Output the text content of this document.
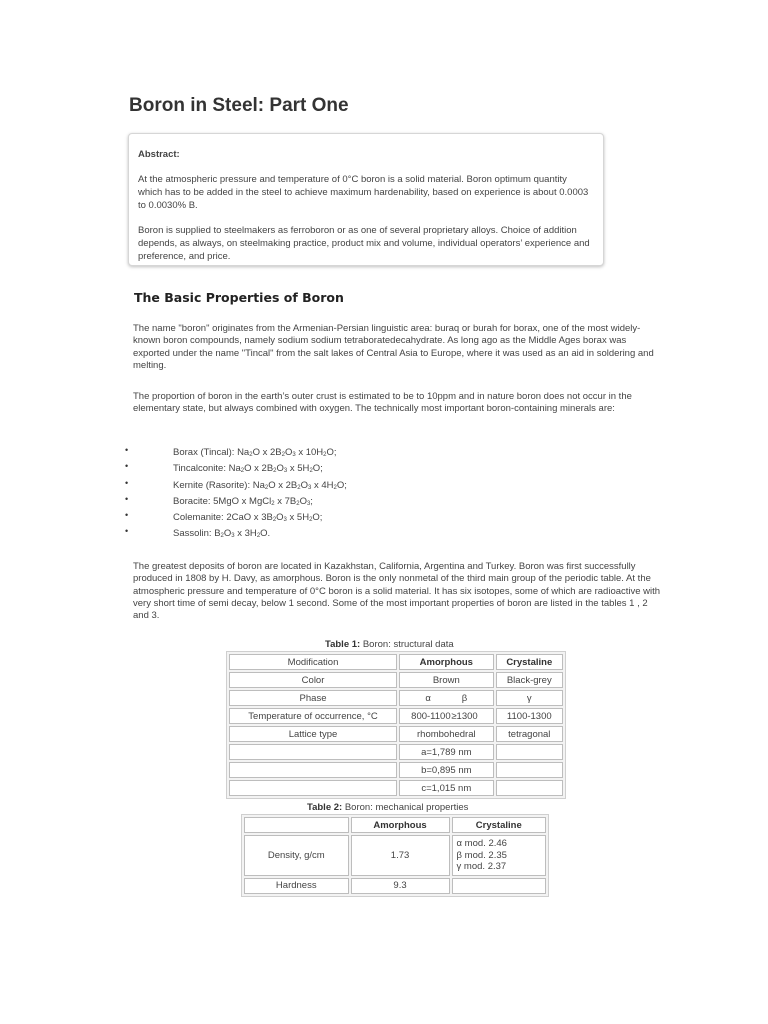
Boron in Steel: Part One

Abstract:

At the atmospheric pressure and temperature of 0°C boron is a solid material. Boron optimum quantity which has to be added in the steel to achieve maximum hardenability, based on experience is about 0.0003 to 0.0030% B.

Boron is supplied to steelmakers as ferroboron or as one of several proprietary alloys. Choice of addition depends, as always, on steelmaking practice, product mix and volume, individual operators’ experience and preference, and price.

The Basic Properties of Boron

The name "boron" originates from the Armenian-Persian linguistic area: buraq or burah for borax, one of the most widely-known boron compounds, namely sodium sodium tetraboratedecahydrate. As long ago as the Middle Ages borax was exported under the name "Tincal" from the salt lakes of Central Asia to Europe, where it was used as an aid in soldering and melting.

The proportion of boron in the earth’s outer crust is estimated to be to 10ppm and in nature boron does not occur in the elementary state, but always combined with oxygen. The technically most important boron-containing minerals are:

•	Borax (Tincal): $Na_2O$ x $2B_2O_3$ x $10H_2O$;
•	Tincalconite: $Na_2O$ x $2B_2O_3$ x $5H_2O$;
•	Kernite (Rasorite): $Na_2O$ x $2B_2O_3$ x $4H_2O$;
•	Boracite: 5MgO x MgCl$_2$ x $7B_2O_3$;
•	Colemanite: 2CaO x $3B_2O_3$ x $5H_2O$;
•	Sassolin: $B_2O_3$ x $3H_2O$.

The greatest deposits of boron are located in Kazakhstan, California, Argentina and Turkey. Boron was first successfully produced in 1808 by H. Davy, as amorphous. Boron is the only nonmetal of the third main group of the periodic table. At the atmospheric pressure and temperature of 0°C boron is a solid material. It has six isotopes, some of which are radioactive with very short time of semi decay, below 1 second. Some of the most important properties of boron are listed in the tables 1 , 2 and 3.

Table 1: Boron: structural data

Modification	Amorphous	Crystaline
Color	Brown	Black-grey
Phase	α β	γ
Temperature of occurrence, °C	800-1100 ≥1300	1100-1300
Lattice type	rhombohedral	tetragonal
	a=1,789 nm	
	b=0,895 nm	
	c=1,015 nm	

Table 2: Boron: mechanical properties

	Amorphous	Crystaline
Density, g/cm	1.73	α mod. 2.46
β mod. 2.35
γ mod. 2.37

Hardness	9.3	
